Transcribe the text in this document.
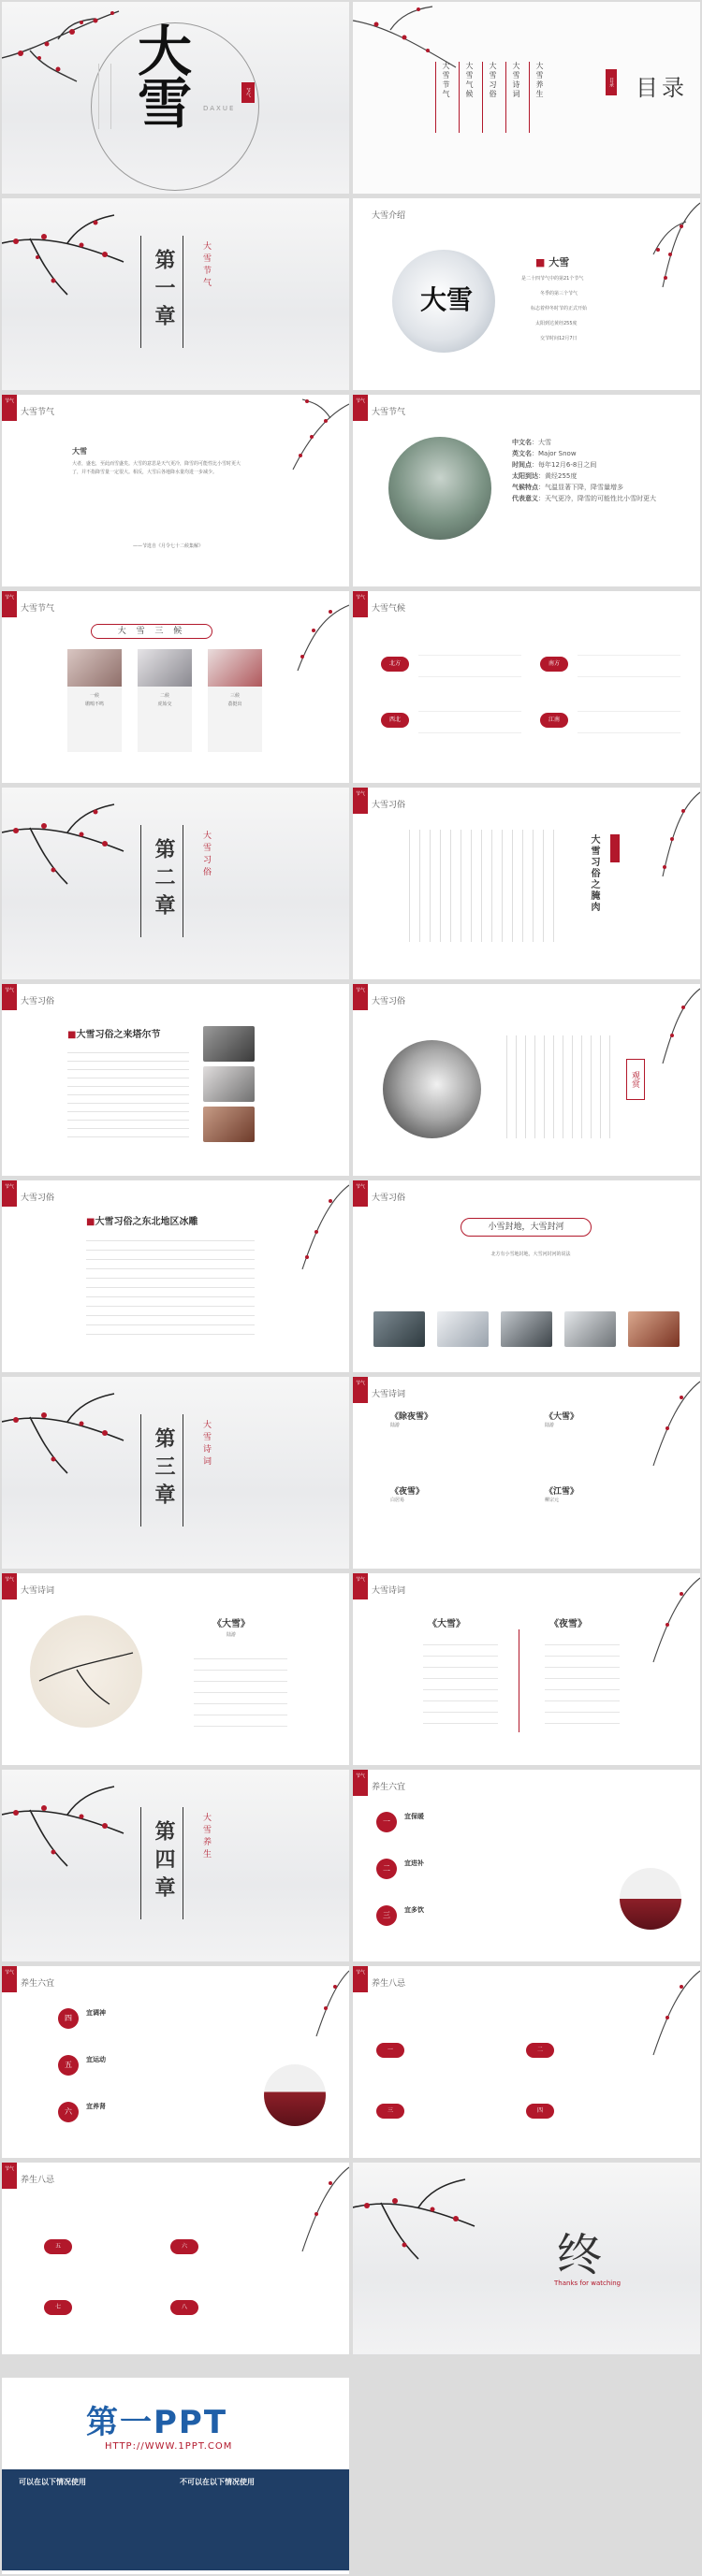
大雪 DAXUE
节气	目录
目录
大雪节气	大雪气候	大雪习俗	大雪诗词	大雪养生
第一章	大雪节气
大雪介绍
大雪
■ 大雪
是二十四节气中的第21个节气
冬季的第三个节气
标志着仲冬时节的正式开始
太阳到达黄经255度
交节时间12月7日
节气
大雪节气
大雪
大者，盛也，至此而雪盛矣。大雪的意思是天气更冷，降雪的可能性比小雪时更大了，并不指降雪量一定很大。相反，大雪后各地降水量均进一步减少。
——节选自《月令七十二候集解》
节气
大雪节气
中文名：大雪
英文名：Major Snow
时间点：每年12月6-8日之间
太阳到达：黄经255度
气候特点：气温显著下降，降雪量增多
代表意义：天气更冷，降雪的可能性比小雪时更大
节气
大雪节气
大 雪 三 候
一候
鹖鴠不鸣
二候
虎始交
三候
荔挺出
节气
大雪气候
北方	南方
西北	江南
第二章	大雪习俗
节气
大雪习俗
大雪习俗之腌肉
节气
大雪习俗
■大雪习俗之来塔尔节
节气
大雪习俗
观赏
节气
大雪习俗
■大雪习俗之东北地区冰雕
节气
大雪习俗
小雪封地，大雪封河
北方有小雪地封地，大雪河封河的说法
第三章	大雪诗词
节气
大雪诗词
《除夜雪》
陆游
《大雪》
陆游
《夜雪》
白居易
《江雪》
柳宗元
节气
大雪诗词
《大雪》
陆游
节气
大雪诗词
《大雪》	《夜雪》
第四章	大雪养生
节气
养生六宜
一
二
三
宜保暖
宜进补
宜多饮
节气
养生六宜
四
五
六
宜调神
宜运动
宜养肾
节气
养生八忌
一	二
三	四
节气
养生八忌
五	六
七	八
终
Thanks for watching
第一PPT
HTTP://WWW.1PPT.COM
可以在以下情况使用	不可以在以下情况使用
